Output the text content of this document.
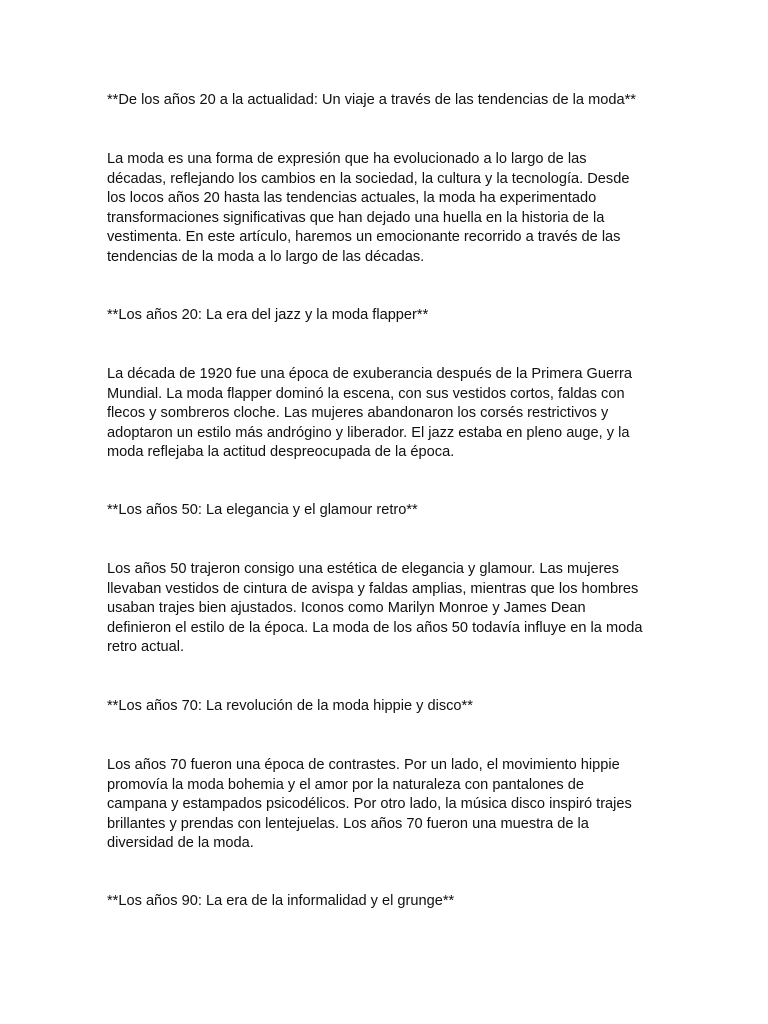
**De los años 20 a la actualidad: Un viaje a través de las tendencias de la moda**

La moda es una forma de expresión que ha evolucionado a lo largo de las

décadas, reflejando los cambios en la sociedad, la cultura y la tecnología. Desde

los locos años 20 hasta las tendencias actuales, la moda ha experimentado

transformaciones significativas que han dejado una huella en la historia de la

vestimenta. En este artículo, haremos un emocionante recorrido a través de las

tendencias de la moda a lo largo de las décadas.

**Los años 20: La era del jazz y la moda flapper**

La década de 1920 fue una época de exuberancia después de la Primera Guerra

Mundial. La moda flapper dominó la escena, con sus vestidos cortos, faldas con

flecos y sombreros cloche. Las mujeres abandonaron los corsés restrictivos y

adoptaron un estilo más andrógino y liberador. El jazz estaba en pleno auge, y la

moda reflejaba la actitud despreocupada de la época.

**Los años 50: La elegancia y el glamour retro**

Los años 50 trajeron consigo una estética de elegancia y glamour. Las mujeres

llevaban vestidos de cintura de avispa y faldas amplias, mientras que los hombres

usaban trajes bien ajustados. Iconos como Marilyn Monroe y James Dean

definieron el estilo de la época. La moda de los años 50 todavía influye en la moda

retro actual.

**Los años 70: La revolución de la moda hippie y disco**

Los años 70 fueron una época de contrastes. Por un lado, el movimiento hippie

promovía la moda bohemia y el amor por la naturaleza con pantalones de

campana y estampados psicodélicos. Por otro lado, la música disco inspiró trajes

brillantes y prendas con lentejuelas. Los años 70 fueron una muestra de la

diversidad de la moda.

**Los años 90: La era de la informalidad y el grunge**
